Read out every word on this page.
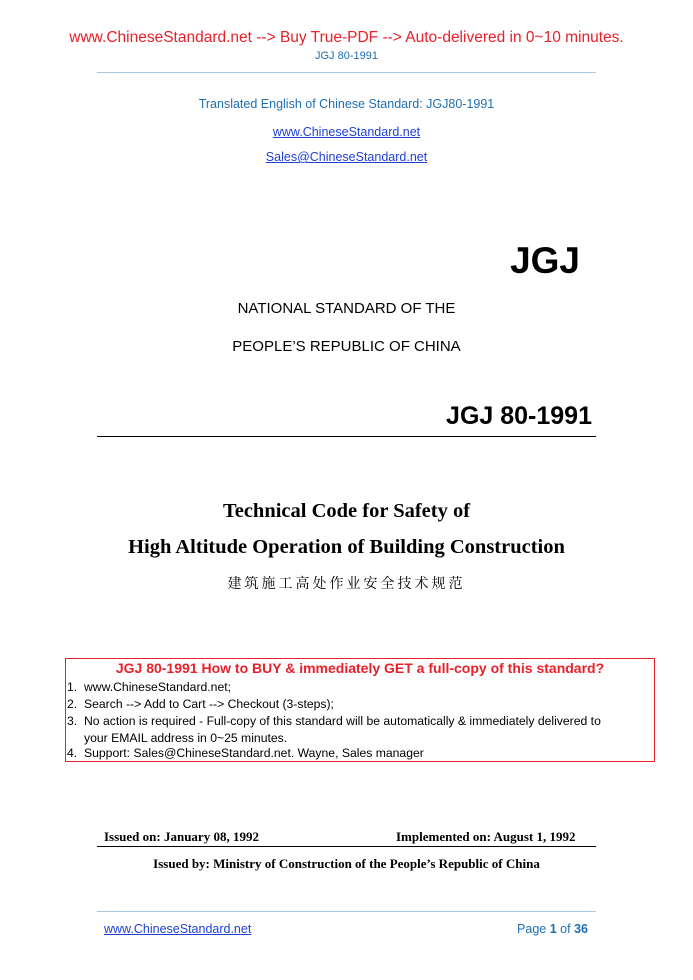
www.ChineseStandard.net --> Buy True-PDF --> Auto-delivered in 0~10 minutes.
JGJ 80-1991
Translated English of Chinese Standard: JGJ80-1991
www.ChineseStandard.net
Sales@ChineseStandard.net
JGJ
NATIONAL STANDARD OF THE
PEOPLE’S REPUBLIC OF CHINA
JGJ 80-1991
Technical Code for Safety of
High Altitude Operation of Building Construction
建筑施工高处作业安全技术规范
JGJ 80-1991 How to BUY & immediately GET a full-copy of this standard?
1. www.ChineseStandard.net;
2. Search --> Add to Cart --> Checkout (3-steps);
3. No action is required - Full-copy of this standard will be automatically & immediately delivered to
your EMAIL address in 0~25 minutes.
4. Support: Sales@ChineseStandard.net. Wayne, Sales manager
Issued on: January 08, 1992	Implemented on: August 1, 1992
Issued by: Ministry of Construction of the People’s Republic of China
www.ChineseStandard.net	Page 1 of 36
